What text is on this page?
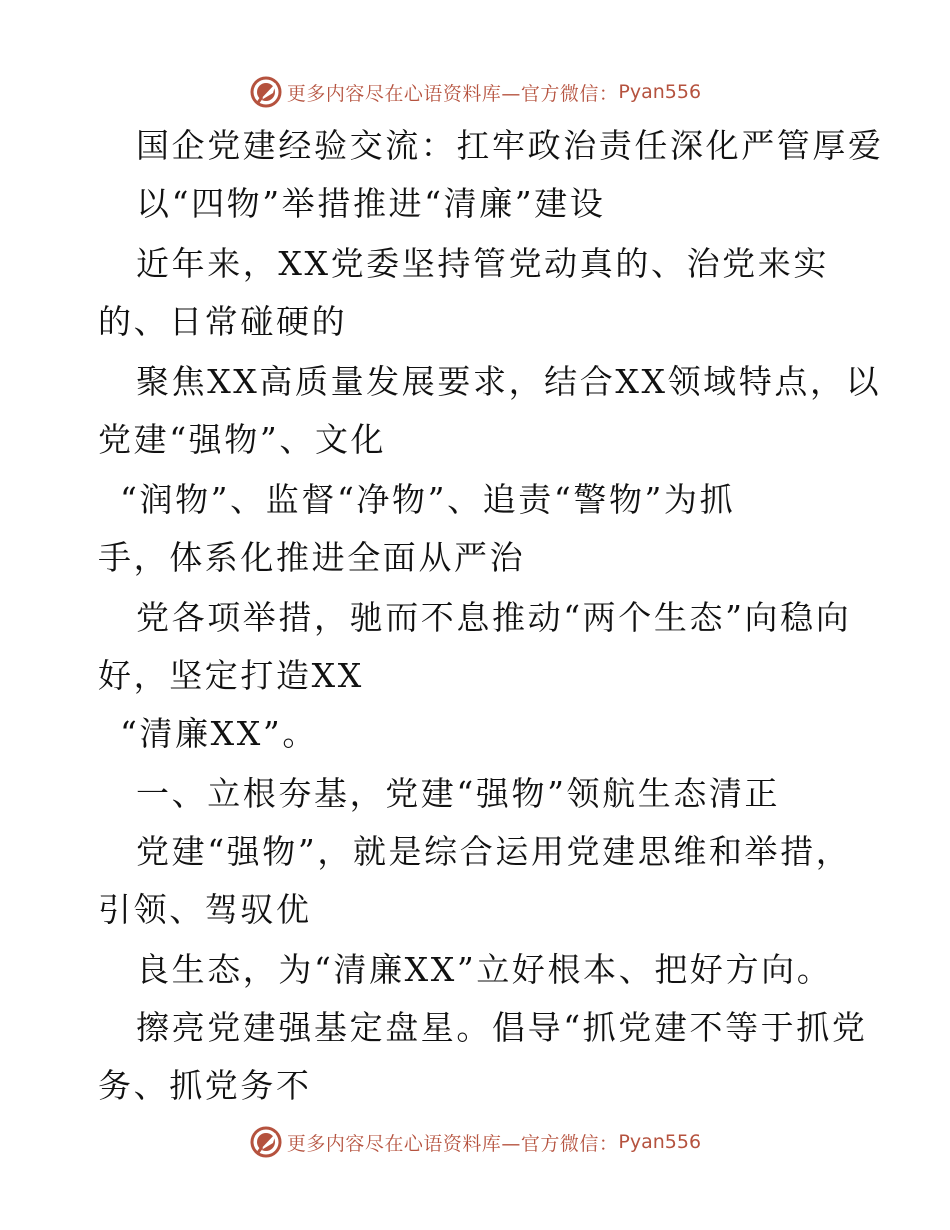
更多内容尽在心语资料库—官方微信： Pyan556
国企党建经验交流：扛牢政治责任深化严管厚爱
以“四物”举措推进“清廉”建设
近年来，XX党委坚持管党动真的、治党来实
的、日常碰硬的
聚焦XX高质量发展要求，结合XX领域特点，以
党建“强物”、文化
“润物”、监督“净物”、追责“警物”为抓
手，体系化推进全面从严治
党各项举措，驰而不息推动“两个生态”向稳向
好，坚定打造XX
“清廉XX”。
一、立根夯基，党建“强物”领航生态清正
党建“强物”，就是综合运用党建思维和举措，
引领、驾驭优
良生态，为“清廉XX”立好根本、把好方向。
擦亮党建强基定盘星。倡导“抓党建不等于抓党
务、抓党务不
更多内容尽在心语资料库—官方微信： Pyan556
